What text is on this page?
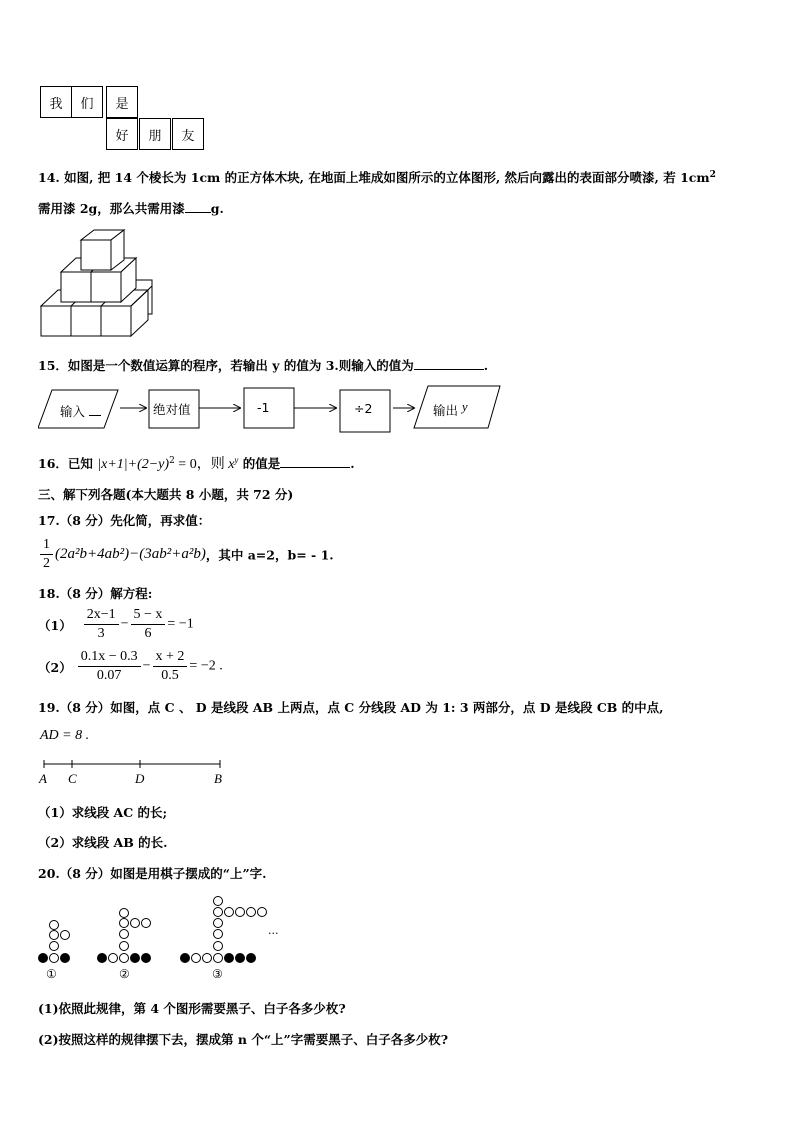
我	们	是
好	朋	友
14. 如图, 把 14 个棱长为 1cm 的正方体木块, 在地面上堆成如图所示的立体图形, 然后向露出的表面部分喷漆, 若 $1cm^2$
需用漆 2g，那么共需用漆 g.
15．如图是一个数值运算的程序，若输出 y 的值为 3.则输入的值为	.
输入	绝对值	-1	÷2	输出 y
16．已知 $|x+1|+(2-y)^2 = 0$，则 $x^y$ 的值是	.
三、解下列各题(本大题共 8 小题，共 72 分)
17.（8 分）先化简，再求值：
$\frac{1}{2} (2a^2b+4ab^2)-(3ab^2+a^2b)$，其中 a=2，b= - 1.
18.（8 分）解方程:
$(1) \frac{2x-1}{3} - \frac{5 - x}{6} = -1$
$(2) \frac{0.1x - 0.3}{0.07} - \frac{x + 2}{0.5} = -2$ .
19.（8 分）如图，点 C 、 D 是线段 AB 上两点，点 C 分线段 AD 为 1: 3 两部分，点 D 是线段 CB 的中点,
AD = 8 .
A C	D	B
（1）求线段 AC 的长;
（2）求线段 AB 的长.
20.（8 分）如图是用棋子摆成的“上”字.
...
①	②	③
(1)依照此规律，第 4 个图形需要黑子、白子各多少枚?
(2)按照这样的规律摆下去，摆成第 n 个“上”字需要黑子、白子各多少枚?
